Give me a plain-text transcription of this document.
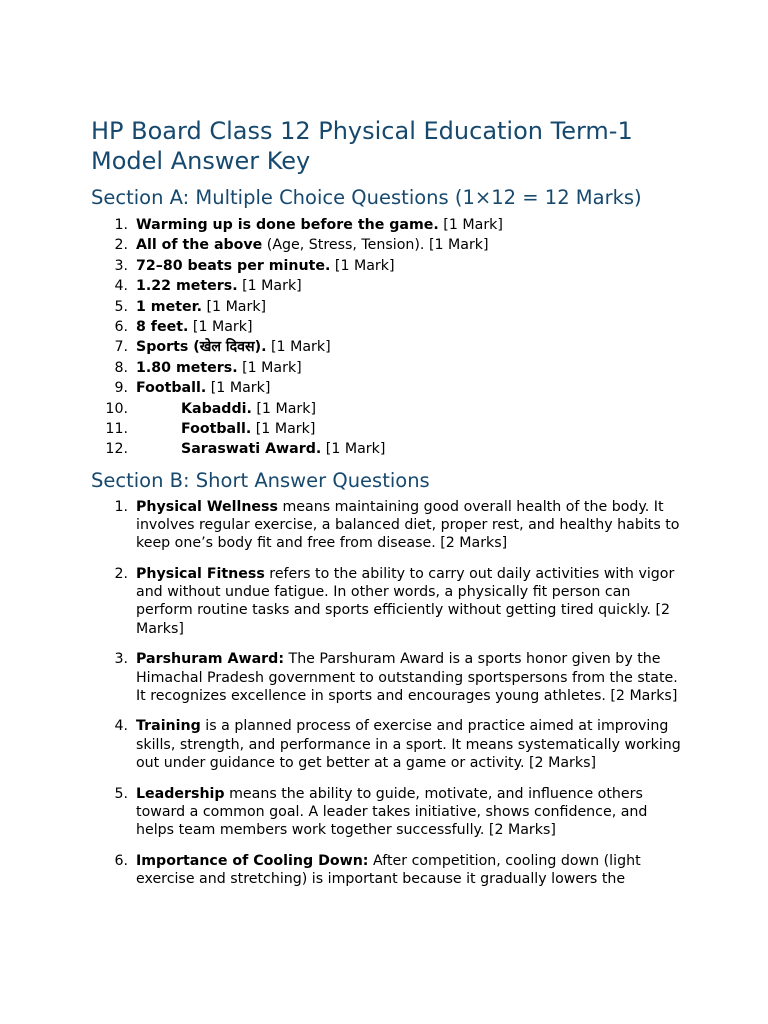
HP Board Class 12 Physical Education Term-1 Model Answer Key
Section A: Multiple Choice Questions (1×12 = 12 Marks)
1. Warming up is done before the game. [1 Mark]
2. All of the above (Age, Stress, Tension). [1 Mark]
3. 72–80 beats per minute. [1 Mark]
4. 1.22 meters. [1 Mark]
5. 1 meter. [1 Mark]
6. 8 feet. [1 Mark]
7. Sports (खेल दिवस). [1 Mark]
8. 1.80 meters. [1 Mark]
9. Football. [1 Mark]
10.	Kabaddi. [1 Mark]
11.	Football. [1 Mark]
12.	Saraswati Award. [1 Mark]
Section B: Short Answer Questions
1. Physical Wellness means maintaining good overall health of the body. It involves regular exercise, a balanced diet, proper rest, and healthy habits to keep one’s body fit and free from disease. [2 Marks]
2. Physical Fitness refers to the ability to carry out daily activities with vigor and without undue fatigue. In other words, a physically fit person can perform routine tasks and sports efficiently without getting tired quickly. [2 Marks]
3. Parshuram Award: The Parshuram Award is a sports honor given by the Himachal Pradesh government to outstanding sportspersons from the state. It recognizes excellence in sports and encourages young athletes. [2 Marks]
4. Training is a planned process of exercise and practice aimed at improving skills, strength, and performance in a sport. It means systematically working out under guidance to get better at a game or activity. [2 Marks]
5. Leadership means the ability to guide, motivate, and influence others toward a common goal. A leader takes initiative, shows confidence, and helps team members work together successfully. [2 Marks]
6. Importance of Cooling Down: After competition, cooling down (light exercise and stretching) is important because it gradually lowers the
